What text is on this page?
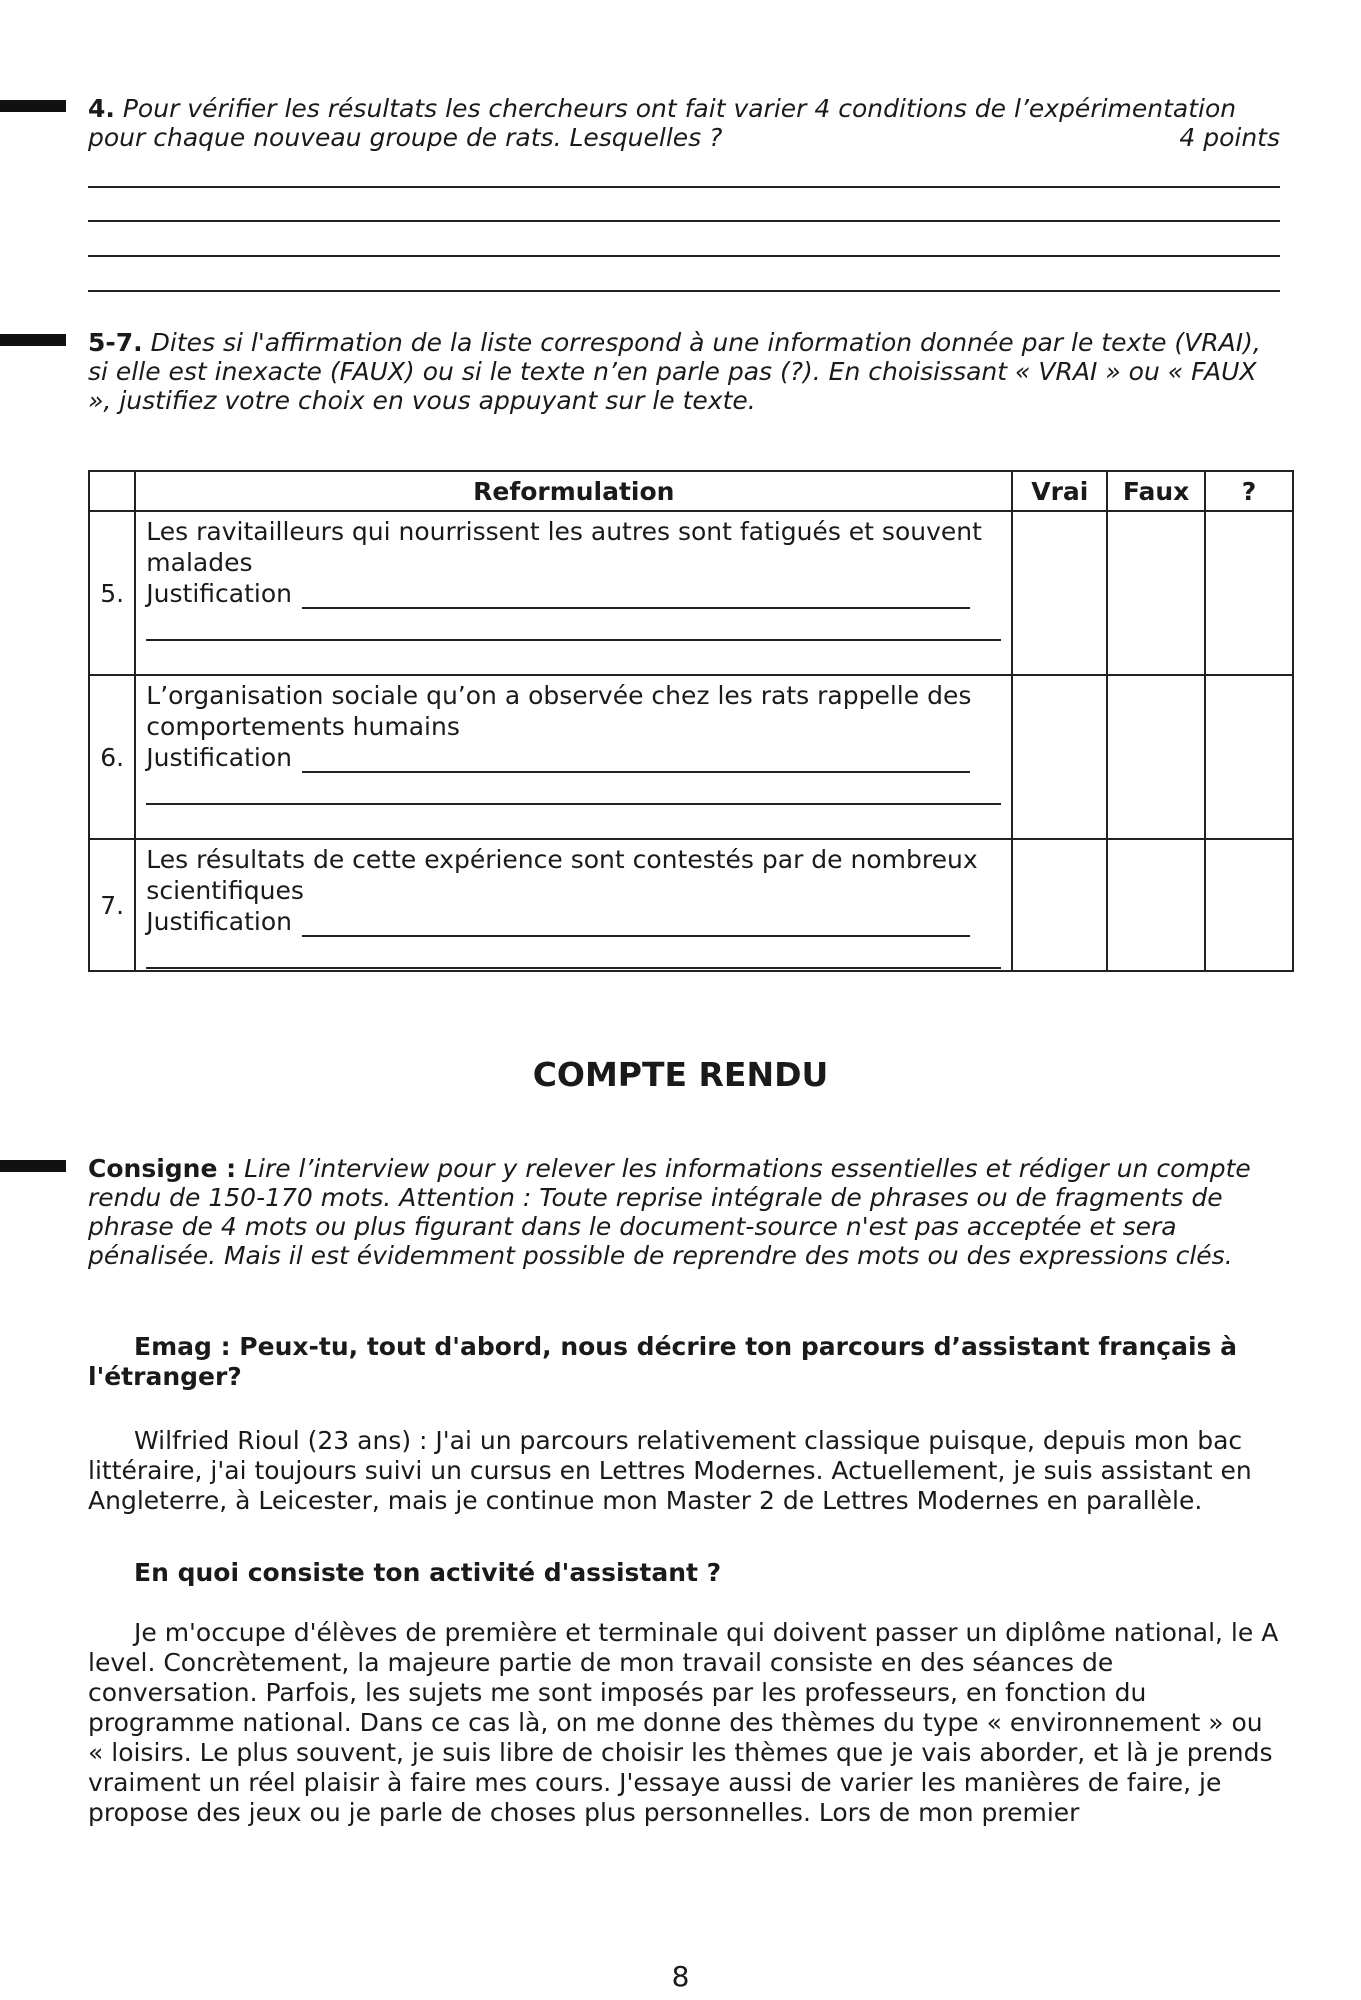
4. Pour vérifier les résultats les chercheurs ont fait varier 4 conditions de l’expérimentation pour chaque nouveau groupe de rats. Lesquelles ?	4 points
5-7. Dites si l'affirmation de la liste correspond à une information donnée par le texte (VRAI), si elle est inexacte (FAUX) ou si le texte n’en parle pas (?). En choisissant « VRAI » ou « FAUX », justifiez votre choix en vous appuyant sur le texte.
	Reformulation	Vrai	Faux	?
5.	Les ravitailleurs qui nourrissent les autres sont fatigués et souvent malades
Justification			

6.	L’organisation sociale qu’on a observée chez les rats rappelle des comportements humains
Justification			

7.	Les résultats de cette expérience sont contestés par de nombreux scientifiques
Justification			

COMPTE RENDU
Consigne : Lire l’interview pour y relever les informations essentielles et rédiger un compte rendu de 150-170 mots. Attention : Toute reprise intégrale de phrases ou de fragments de phrase de 4 mots ou plus figurant dans le document-source n'est pas acceptée et sera pénalisée. Mais il est évidemment possible de reprendre des mots ou des expressions clés.
Emag : Peux-tu, tout d'abord, nous décrire ton parcours d’assistant français à l'étranger?
Wilfried Rioul (23 ans) : J'ai un parcours relativement classique puisque, depuis mon bac littéraire, j'ai toujours suivi un cursus en Lettres Modernes. Actuellement, je suis assistant en Angleterre, à Leicester, mais je continue mon Master 2 de Lettres Modernes en parallèle.
En quoi consiste ton activité d'assistant ?
Je m'occupe d'élèves de première et terminale qui doivent passer un diplôme national, le A level. Concrètement, la majeure partie de mon travail consiste en des séances de conversation. Parfois, les sujets me sont imposés par les professeurs, en fonction du programme national. Dans ce cas là, on me donne des thèmes du type « environnement » ou « loisirs. Le plus souvent, je suis libre de choisir les thèmes que je vais aborder, et là je prends vraiment un réel plaisir à faire mes cours. J'essaye aussi de varier les manières de faire, je propose des jeux ou je parle de choses plus personnelles. Lors de mon premier
8
